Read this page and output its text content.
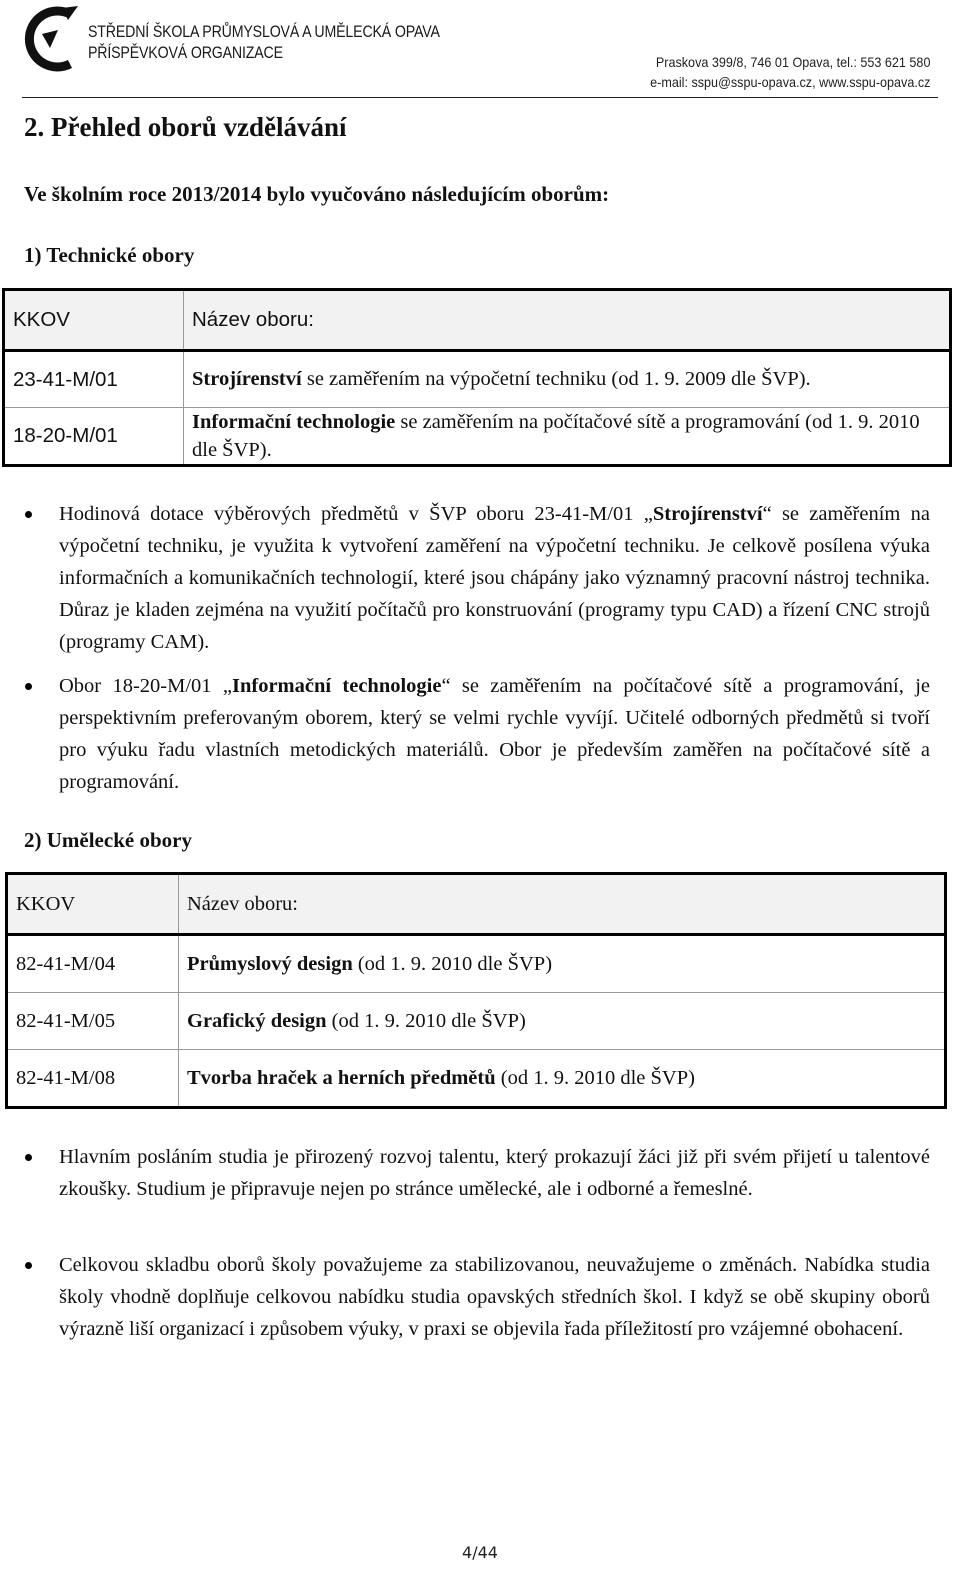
STŘEDNÍ ŠKOLA PRŮMYSLOVÁ A UMĚLECKÁ OPAVA
PŘÍSPĚVKOVÁ ORGANIZACE	Praskova 399/8, 746 01 Opava, tel.: 553 621 580
e-mail: sspu@sspu-opava.cz, www.sspu-opava.cz
2. Přehled oborů vzdělávání
Ve školním roce 2013/2014 bylo vyučováno následujícím oborům:
1) Technické obory
KKOV	Název oboru:
23-41-M/01	Strojírenství se zaměřením na výpočetní techniku (od 1. 9. 2009 dle ŠVP).
18-20-M/01	Informační technologie se zaměřením na počítačové sítě a programování (od 1. 9. 2010 dle ŠVP).
Hodinová dotace výběrových předmětů v ŠVP oboru 23-41-M/01 „Strojírenství“ se zaměřením na výpočetní techniku, je využita k vytvoření zaměření na výpočetní techniku. Je celkově posílena výuka informačních a komunikačních technologií, které jsou chápány jako významný pracovní nástroj technika. Důraz je kladen zejména na využití počítačů pro konstruování (programy typu CAD) a řízení CNC strojů (programy CAM).
Obor 18-20-M/01 „Informační technologie“ se zaměřením na počítačové sítě a programování, je perspektivním preferovaným oborem, který se velmi rychle vyvíjí. Učitelé odborných předmětů si tvoří pro výuku řadu vlastních metodických materiálů. Obor je především zaměřen na počítačové sítě a programování.
2) Umělecké obory
KKOV	Název oboru:
82-41-M/04	Průmyslový design (od 1. 9. 2010 dle ŠVP)
82-41-M/05	Grafický design (od 1. 9. 2010 dle ŠVP)
82-41-M/08	Tvorba hraček a herních předmětů (od 1. 9. 2010 dle ŠVP)
Hlavním posláním studia je přirozený rozvoj talentu, který prokazují žáci již při svém přijetí u talentové zkoušky. Studium je připravuje nejen po stránce umělecké, ale i odborné a řemeslné.
Celkovou skladbu oborů školy považujeme za stabilizovanou, neuvažujeme o změnách. Nabídka studia školy vhodně doplňuje celkovou nabídku studia opavských středních škol. I když se obě skupiny oborů výrazně liší organizací i způsobem výuky, v praxi se objevila řada příležitostí pro vzájemné obohacení.
4/44
